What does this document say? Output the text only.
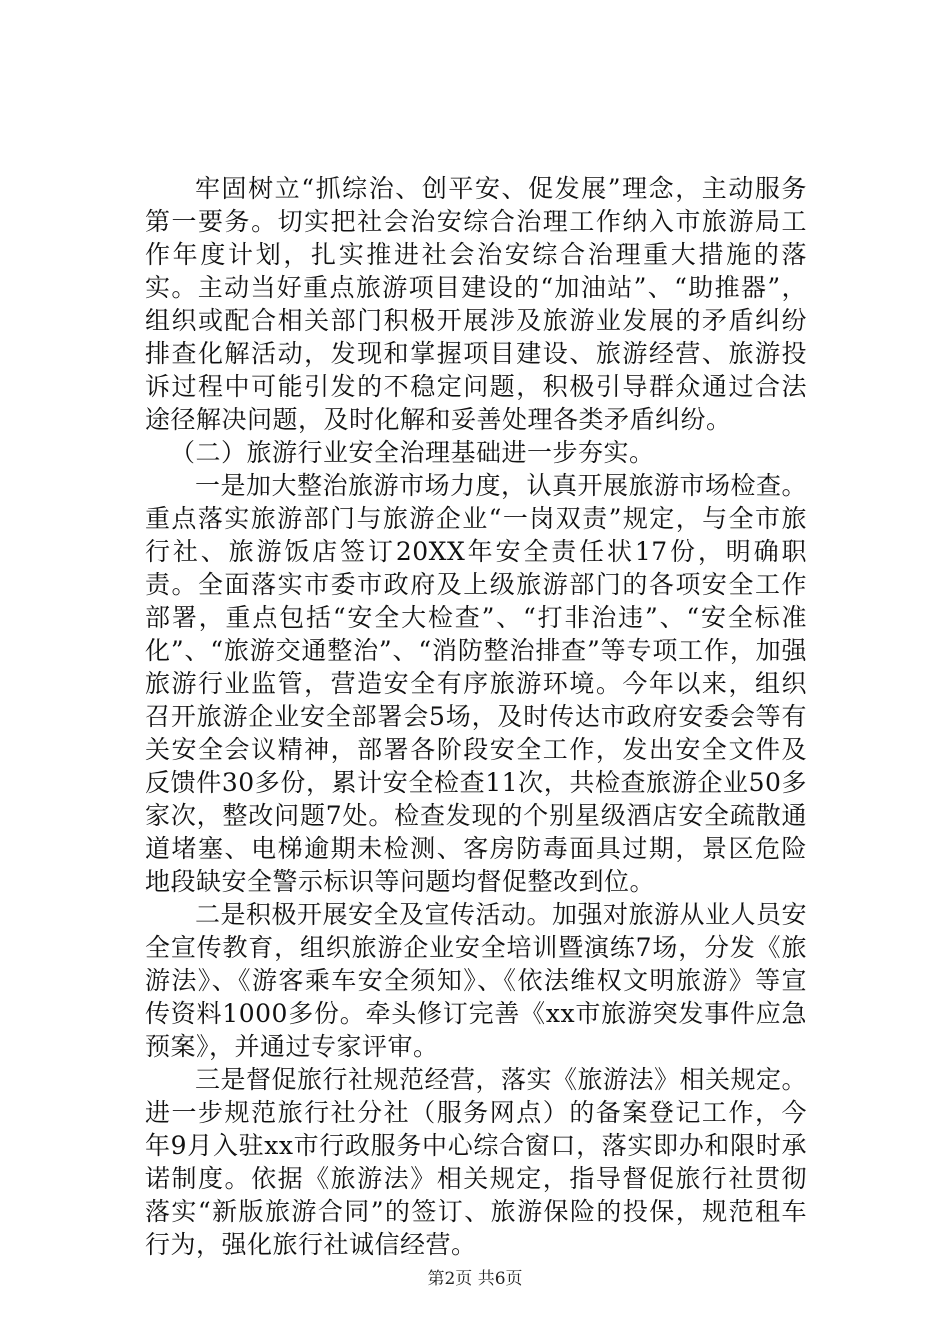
牢固树立“抓综治、创平安、促发展”理念，主动服务第一要务。切实把社会治安综合治理工作纳入市旅游局工作年度计划，扎实推进社会治安综合治理重大措施的落实。主动当好重点旅游项目建设的“加油站”、“助推器”，组织或配合相关部门积极开展涉及旅游业发展的矛盾纠纷排查化解活动，发现和掌握项目建设、旅游经营、旅游投诉过程中可能引发的不稳定问题，积极引导群众通过合法途径解决问题，及时化解和妥善处理各类矛盾纠纷。

（二）旅游行业安全治理基础进一步夯实。

一是加大整治旅游市场力度，认真开展旅游市场检查。重点落实旅游部门与旅游企业“一岗双责”规定，与全市旅行社、旅游饭店签订20XX年安全责任状17份，明确职责。全面落实市委市政府及上级旅游部门的各项安全工作部署，重点包括“安全大检查”、“打非治违”、“安全标准化”、“旅游交通整治”、“消防整治排查”等专项工作，加强旅游行业监管，营造安全有序旅游环境。今年以来，组织召开旅游企业安全部署会5场，及时传达市政府安委会等有关安全会议精神，部署各阶段安全工作，发出安全文件及反馈件30多份，累计安全检查11次，共检查旅游企业50多家次，整改问题7处。检查发现的个别星级酒店安全疏散通道堵塞、电梯逾期未检测、客房防毒面具过期，景区危险地段缺安全警示标识等问题均督促整改到位。

二是积极开展安全及宣传活动。加强对旅游从业人员安全宣传教育，组织旅游企业安全培训暨演练7场，分发《旅游法》、《游客乘车安全须知》、《依法维权文明旅游》等宣传资料1000多份。牵头修订完善《xx市旅游突发事件应急预案》，并通过专家评审。

三是督促旅行社规范经营，落实《旅游法》相关规定。进一步规范旅行社分社（服务网点）的备案登记工作，今年9月入驻xx市行政服务中心综合窗口，落实即办和限时承诺制度。依据《旅游法》相关规定，指导督促旅行社贯彻落实“新版旅游合同”的签订、旅游保险的投保，规范租车行为，强化旅行社诚信经营。

第2页 共6页
